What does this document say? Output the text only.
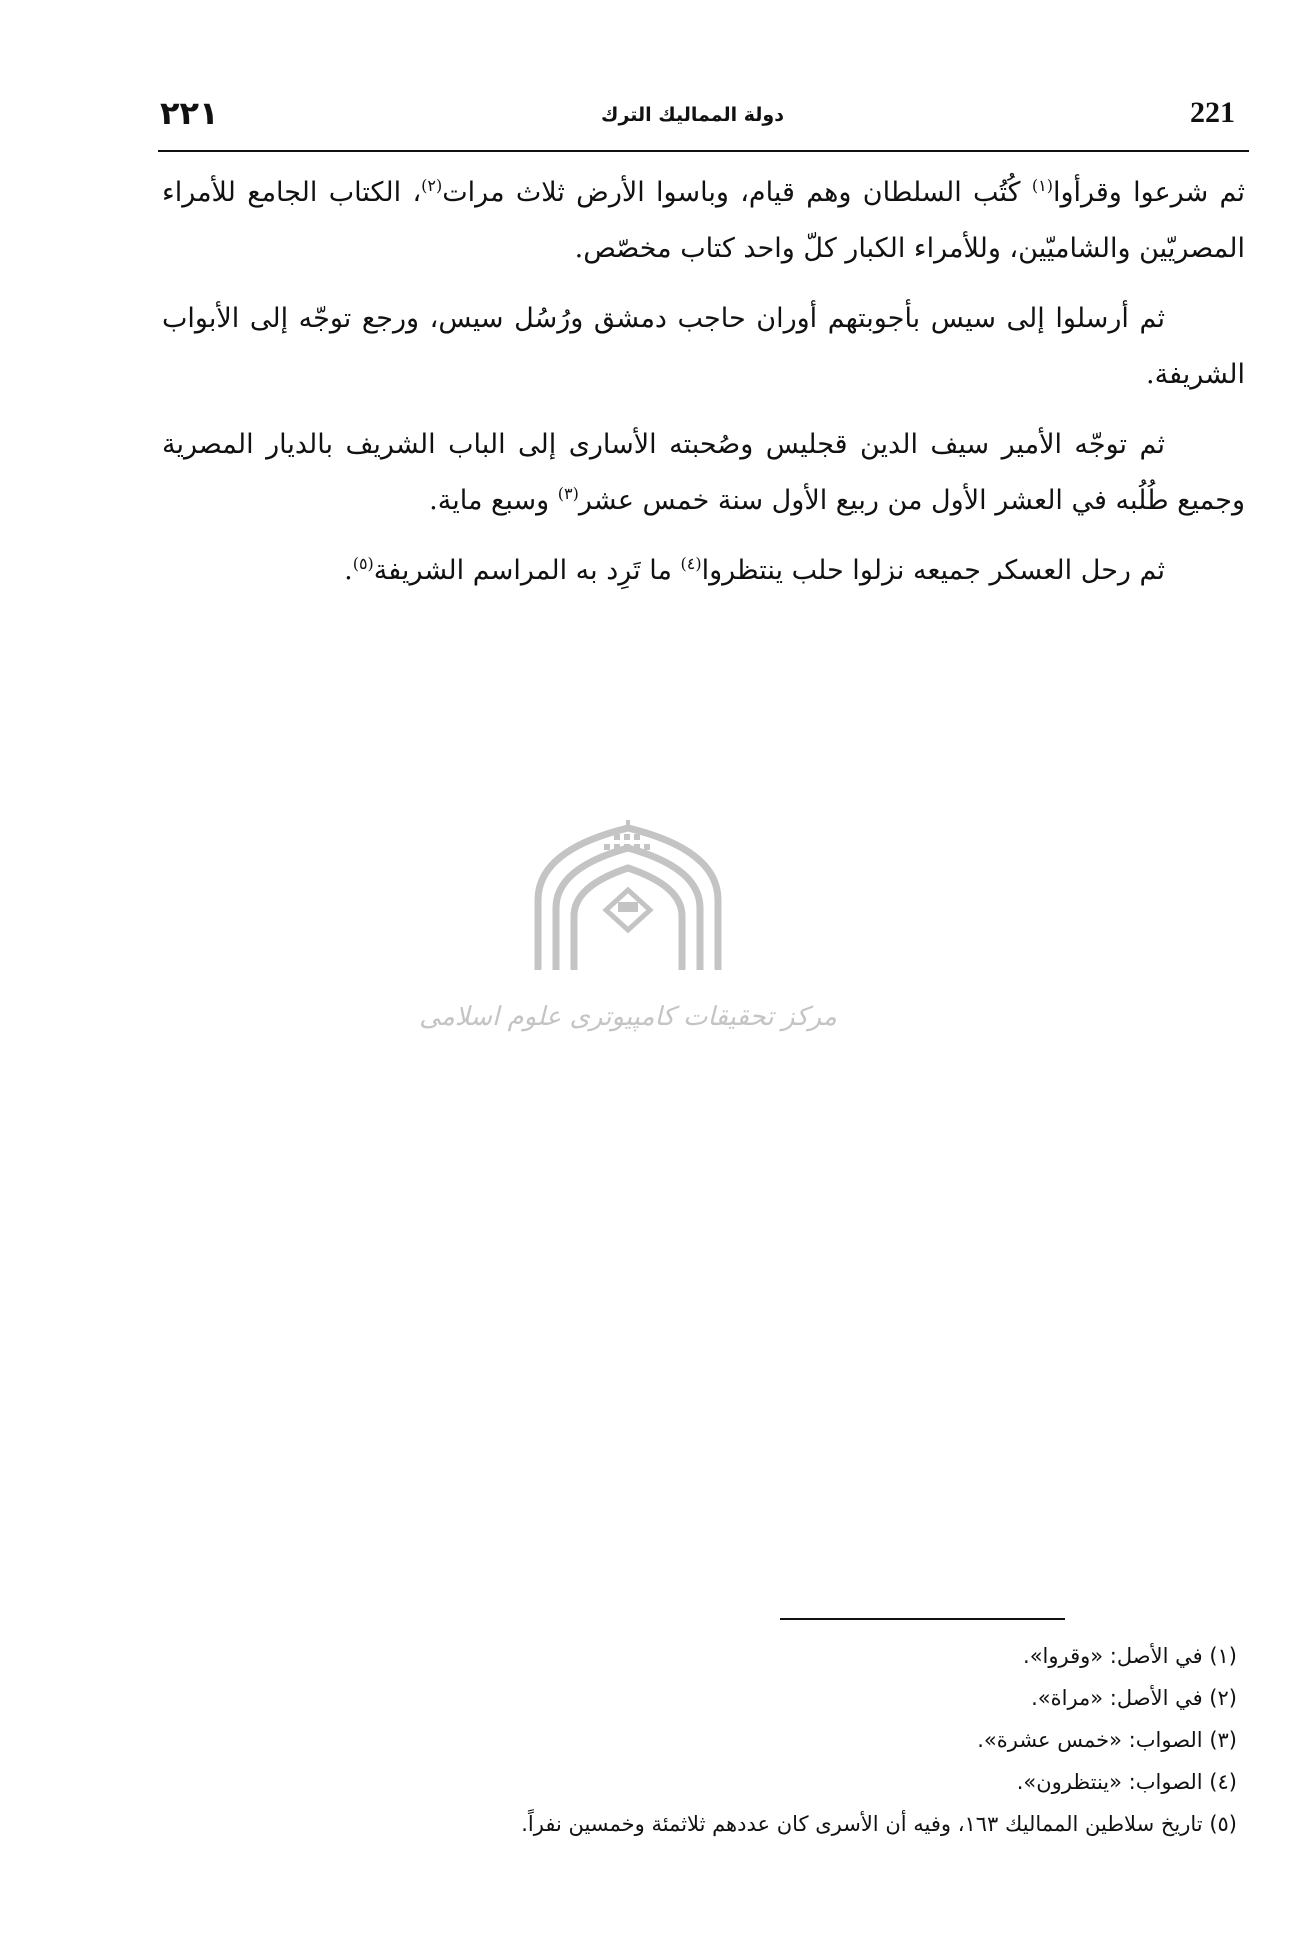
٢٢١	دولة المماليك الترك	221

ثم شرعوا وقرأوا$^{(١)}$ كُتُب السلطان وهم قيام، وباسوا الأرض ثلاث مرات$^{(٢)}$، الكتاب الجامع للأمراء المصريّين والشاميّين، وللأمراء الكبار كلّ واحد كتاب مخصّص.

ثم أرسلوا إلى سيس بأجوبتهم أوران حاجب دمشق ورُسُل سيس، ورجع توجّه إلى الأبواب الشريفة.

ثم توجّه الأمير سيف الدين قجليس وصُحبته الأسارى إلى الباب الشريف بالديار المصرية وجميع طُلُبه في العشر الأول من ربيع الأول سنة خمس عشر$^{(٣)}$ وسبع ماية.

ثم رحل العسكر جميعه نزلوا حلب ينتظروا$^{(٤)}$ ما تَرِد به المراسم الشريفة$^{(٥)}$.

مرکز تحقیقات کامپیوتری علوم اسلامی

(١) في الأصل: «وقروا».

(٢) في الأصل: «مراة».

(٣) الصواب: «خمس عشرة».

(٤) الصواب: «ينتظرون».

(٥) تاريخ سلاطين المماليك ١٦٣، وفيه أن الأسرى كان عددهم ثلاثمئة وخمسين نفراً.
